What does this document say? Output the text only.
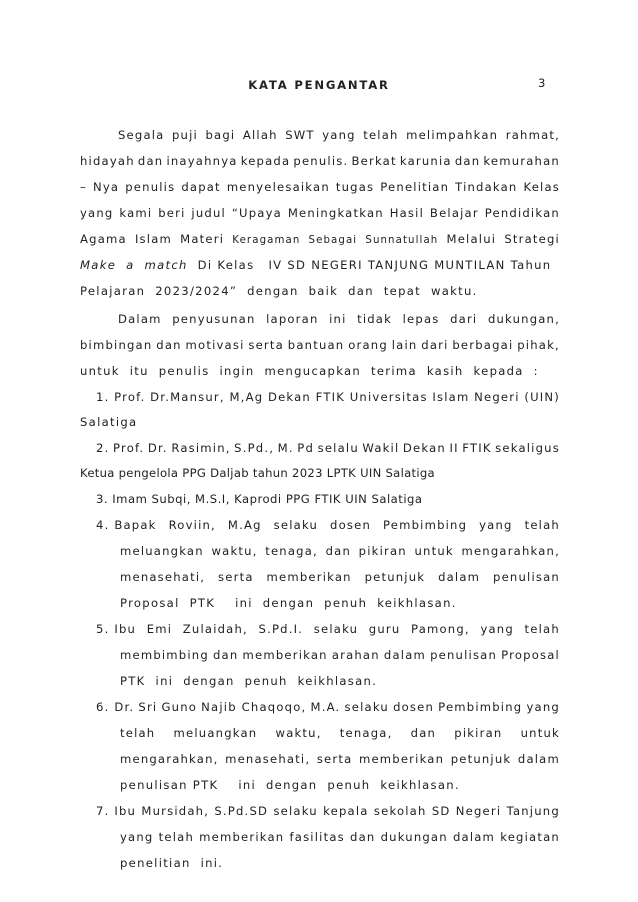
3
KATA PENGANTAR
Segala puji bagi Allah SWT yang telah melimpahkan rahmat,
hidayah dan inayahnya kepada penulis. Berkat karunia dan kemurahan
– Nya penulis dapat menyelesaikan tugas Penelitian Tindakan Kelas
yang kami beri judul “Upaya Meningkatkan Hasil Belajar Pendidikan
Agama Islam Materi Keragaman Sebagai Sunnatullah Melalui Strategi
Make  a  match Di Kelas IV SD NEGERI TANJUNG MUNTILAN Tahun
Pelajaran  2023/2024”  dengan  baik  dan  tepat  waktu.
Dalam penyusunan laporan ini tidak lepas dari dukungan,
bimbingan dan motivasi serta bantuan orang lain dari berbagai pihak,
untuk  itu  penulis  ingin  mengucapkan  terima  kasih  kepada  :
1. Prof. Dr.Mansur, M,Ag Dekan FTIK Universitas Islam Negeri (UIN)
Salatiga
2. Prof. Dr. Rasimin, S.Pd., M. Pd selalu Wakil Dekan II FTIK sekaligus
Ketua pengelola PPG Daljab tahun 2023 LPTK UIN Salatiga
3. Imam Subqi, M.S.I, Kaprodi PPG FTIK UIN Salatiga
4. Bapak Roviin, M.Ag selaku dosen Pembimbing yang telah
meluangkan waktu, tenaga, dan pikiran untuk mengarahkan,
menasehati, serta memberikan petunjuk dalam penulisan
Proposal  PTK    ini  dengan  penuh  keikhlasan.
5. Ibu Emi Zulaidah, S.Pd.I. selaku guru Pamong, yang telah
membimbing dan memberikan arahan dalam penulisan Proposal
PTK  ini  dengan  penuh  keikhlasan.
6. Dr. Sri Guno Najib Chaqoqo, M.A. selaku dosen Pembimbing yang
telah meluangkan waktu, tenaga, dan pikiran untuk
mengarahkan, menasehati, serta memberikan petunjuk dalam
penulisan PTK    ini  dengan  penuh  keikhlasan.
7. Ibu Mursidah, S.Pd.SD selaku kepala sekolah SD Negeri Tanjung
yang telah memberikan fasilitas dan dukungan dalam kegiatan
penelitian  ini.
